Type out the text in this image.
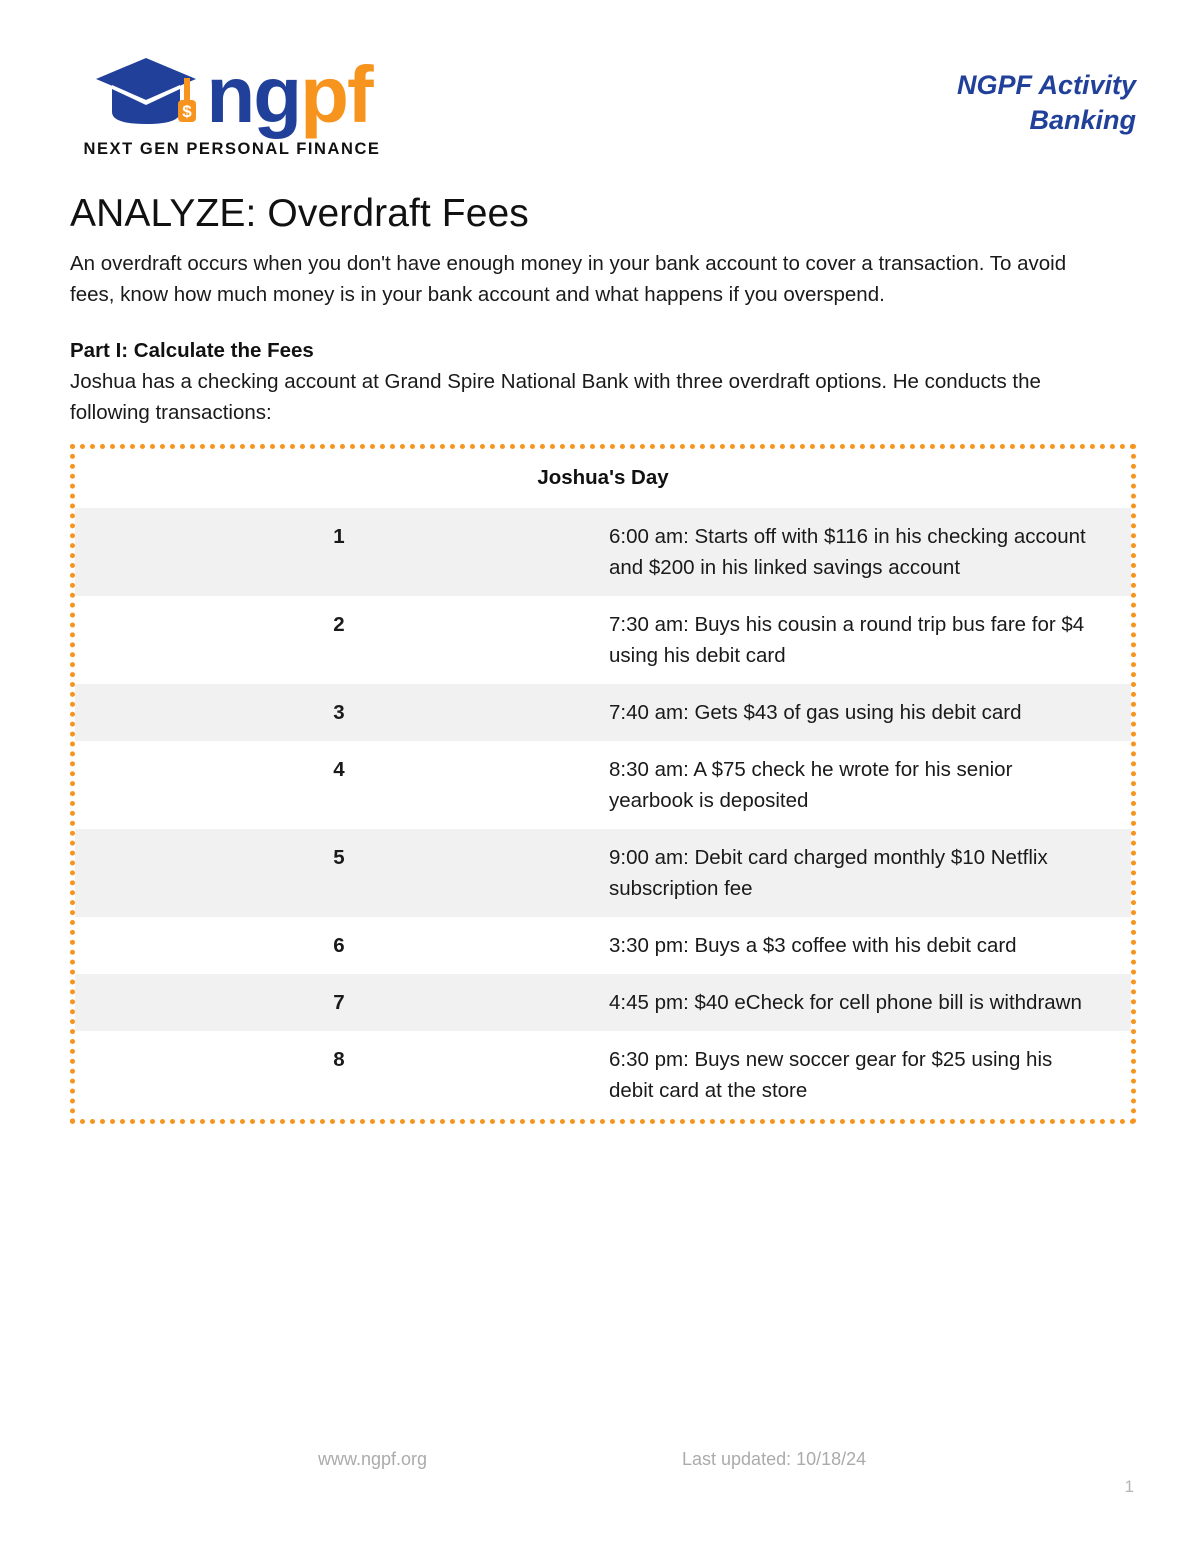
$ ngpf
NEXT GEN PERSONAL FINANCE
NGPF Activity
Banking
ANALYZE: Overdraft Fees

An overdraft occurs when you don't have enough money in your bank account to cover a transaction. To avoid fees, know how much money is in your bank account and what happens if you overspend.

Part I: Calculate the Fees

Joshua has a checking account at Grand Spire National Bank with three overdraft options. He conducts the following transactions:

Joshua's Day	
1	6:00 am: Starts off with $116 in his checking account and $200 in his linked savings account
2	7:30 am: Buys his cousin a round trip bus fare for $4 using his debit card
3	7:40 am: Gets $43 of gas using his debit card
4	8:30 am: A $75 check he wrote for his senior yearbook is deposited
5	9:00 am: Debit card charged monthly $10 Netflix subscription fee
6	3:30 pm: Buys a $3 coffee with his debit card
7	4:45 pm: $40 eCheck for cell phone bill is withdrawn
8	6:30 pm: Buys new soccer gear for $25 using his debit card at the store
www.ngpf.org	Last updated: 10/18/24
1
